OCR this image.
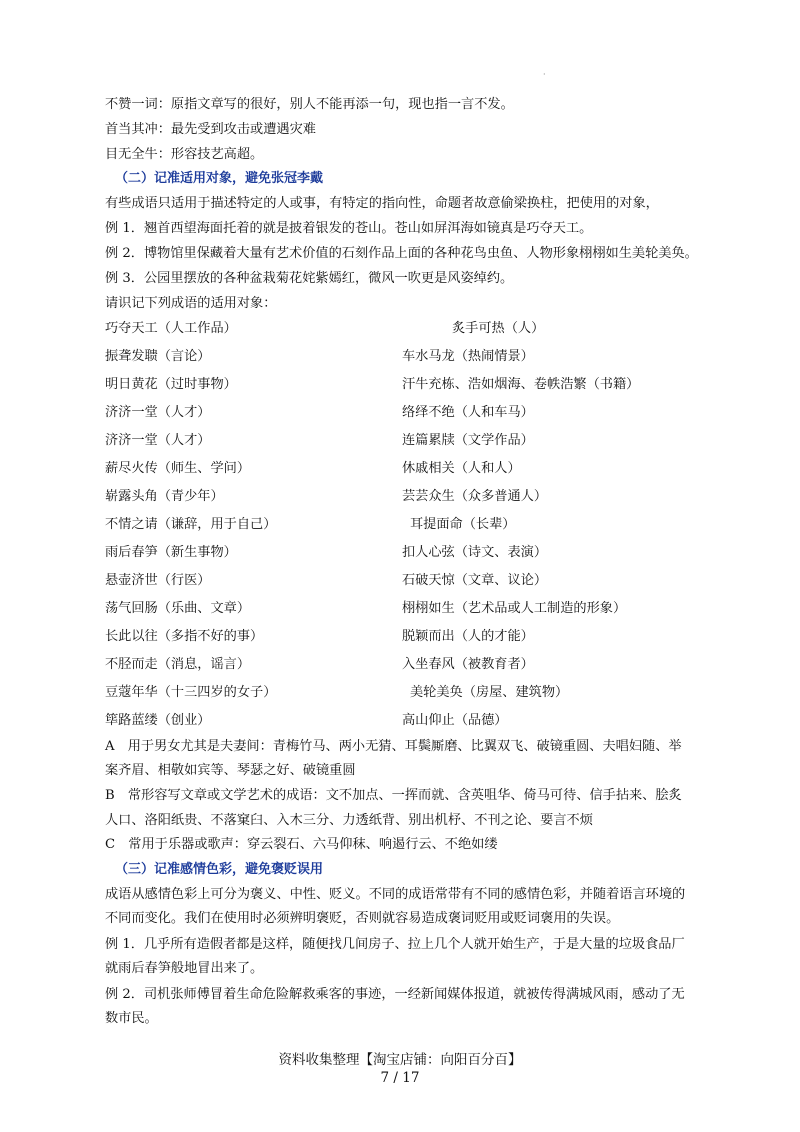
·
不赞一词：原指文章写的很好，别人不能再添一句，现也指一言不发。
首当其冲：最先受到攻击或遭遇灾难
目无全牛：形容技艺高超。
（二）记准适用对象，避免张冠李戴
有些成语只适用于描述特定的人或事，有特定的指向性，命题者故意偷梁换柱，把使用的对象，
例 1．翘首西望海面托着的就是披着银发的苍山。苍山如屏洱海如镜真是巧夺天工。
例 2．博物馆里保藏着大量有艺术价值的石刻作品上面的各种花鸟虫鱼、人物形象栩栩如生美轮美奂。
例 3．公园里摆放的各种盆栽菊花姹紫嫣红，微风一吹更是风姿绰约。
请识记下列成语的适用对象：
巧夺天工（人工作品）
振聋发聩（言论）
明日黄花（过时事物）
济济一堂（人才）
济济一堂（人才）
薪尽火传（师生、学问）
崭露头角（青少年）
不情之请（谦辞，用于自己）
雨后春笋（新生事物）
悬壶济世（行医）
荡气回肠（乐曲、文章）
长此以往（多指不好的事）
不胫而走（消息，谣言）
豆蔻年华（十三四岁的女子）
筚路蓝缕（创业）
炙手可热（人）
车水马龙（热闹情景）
汗牛充栋、浩如烟海、卷帙浩繁（书籍）
络绎不绝（人和车马）
连篇累牍（文学作品）
休戚相关（人和人）
芸芸众生（众多普通人）
耳提面命（长辈）
扣人心弦（诗文、表演）
石破天惊（文章、议论）
栩栩如生（艺术品或人工制造的形象）
脱颖而出（人的才能）
入坐春风（被教育者）
美轮美奂（房屋、建筑物）
高山仰止（品德）
A　用于男女尤其是夫妻间：青梅竹马、两小无猜、耳鬓厮磨、比翼双飞、破镜重圆、夫唱妇随、举
案齐眉、相敬如宾等、琴瑟之好、破镜重圆
B　常形容写文章或文学艺术的成语：文不加点、一挥而就、含英咀华、倚马可待、信手拈来、脍炙
人口、洛阳纸贵、不落窠臼、入木三分、力透纸背、别出机杼、不刊之论、要言不烦
C　常用于乐器或歌声：穿云裂石、六马仰秣、响遏行云、不绝如缕
（三）记准感情色彩，避免褒贬误用
成语从感情色彩上可分为褒义、中性、贬义。不同的成语常带有不同的感情色彩，并随着语言环境的
不同而变化。我们在使用时必须辨明褒贬，否则就容易造成褒词贬用或贬词褒用的失误。
例 1．几乎所有造假者都是这样，随便找几间房子、拉上几个人就开始生产，于是大量的垃圾食品厂
就雨后春笋般地冒出来了。
例 2．司机张师傅冒着生命危险解救乘客的事迹，一经新闻媒体报道，就被传得满城风雨，感动了无
数市民。
资料收集整理【淘宝店铺：向阳百分百】
7 / 17
